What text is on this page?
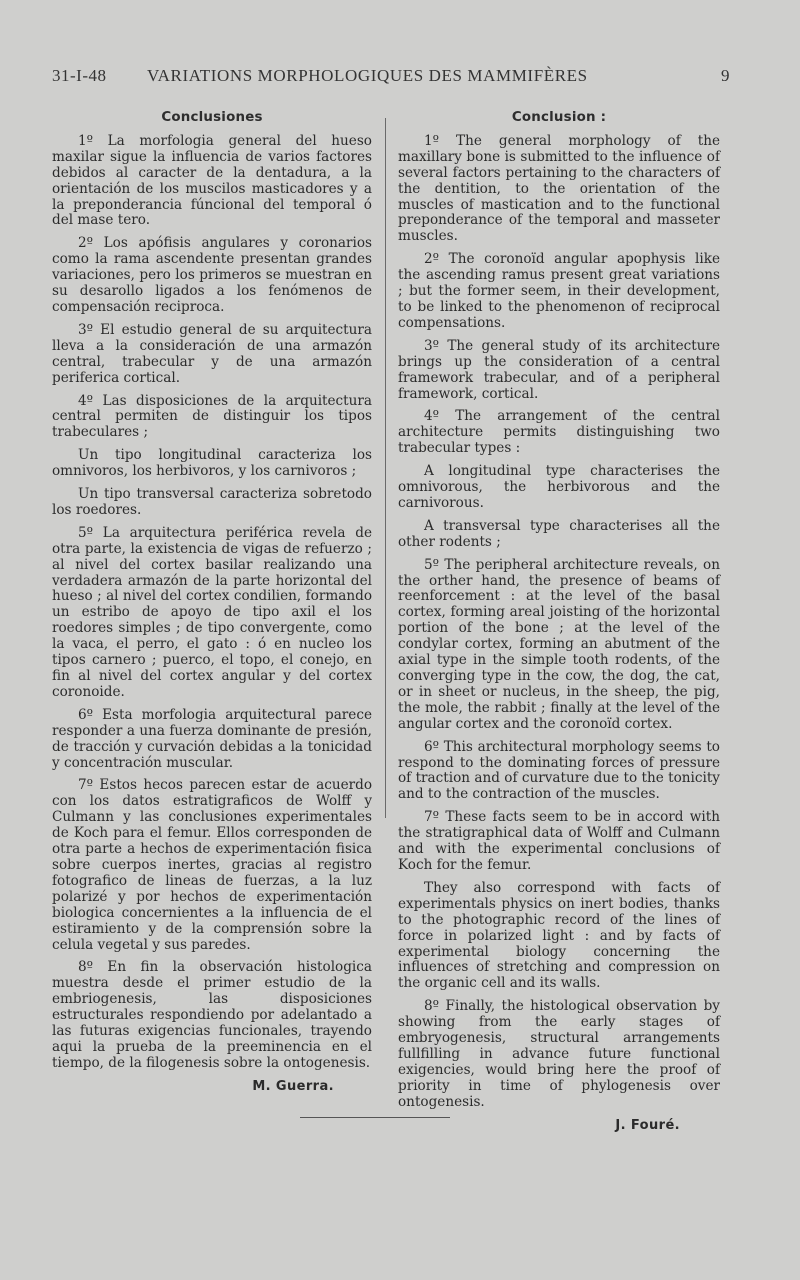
31-I-48 VARIATIONS MORPHOLOGIQUES DES MAMMIFÈRES	9
Conclusiones

1º La morfologia general del hueso maxilar sigue la influencia de varios factores debidos al caracter de la dentadura, a la orientación de los muscilos masticadores y a la preponderancia fúncional del temporal ó del mase tero.

2º Los apófisis angulares y coronarios como la rama ascendente presentan grandes variaciones, pero los primeros se muestran en su desarollo ligados a los fenómenos de compensación reciproca.

3º El estudio general de su arquitectura lleva a la consideración de una armazón central, trabecular y de una armazón periferica cortical.

4º Las disposiciones de la arquitectura central permiten de distinguir los tipos trabeculares ;

Un tipo longitudinal caracteriza los omnivoros, los herbivoros, y los carnivoros ;

Un tipo transversal caracteriza sobretodo los roedores.

5º La arquitectura periférica revela de otra parte, la existencia de vigas de refuerzo ; al nivel del cortex basilar realizando una verdadera armazón de la parte horizontal del hueso ; al nivel del cortex condilien, formando un estribo de apoyo de tipo axil el los roedores simples ; de tipo convergente, como la vaca, el perro, el gato : ó en nucleo los tipos carnero ; puerco, el topo, el conejo, en fin al nivel del cortex angular y del cortex coronoide.

6º Esta morfologia arquitectural parece responder a una fuerza dominante de presión, de tracción y curvación debidas a la tonicidad y concentración muscular.

7º Estos hecos parecen estar de acuerdo con los datos estratigraficos de Wolff y Culmann y las conclusiones experimentales de Koch para el femur. Ellos corresponden de otra parte a hechos de experimentación fisica sobre cuerpos inertes, gracias al registro fotografico de lineas de fuerzas, a la luz polarizé y por hechos de experimentación biologica concernientes a la influencia de el estiramiento y de la comprensión sobre la celula vegetal y sus paredes.

8º En fin la observación histologica muestra desde el primer estudio de la embriogenesis, las disposiciones estructurales respondiendo por adelantado a las futuras exigencias funcionales, trayendo aqui la prueba de la preeminencia en el tiempo, de la filogenesis sobre la ontogenesis.

M. Guerra.
Conclusion :

1º The general morphology of the maxillary bone is submitted to the influence of several factors pertaining to the characters of the dentition, to the orientation of the muscles of mastication and to the functional preponderance of the temporal and masseter muscles.

2º The coronoïd angular apophysis like the ascending ramus present great variations ; but the former seem, in their development, to be linked to the phenomenon of reciprocal compensations.

3º The general study of its architecture brings up the consideration of a central framework trabecular, and of a peripheral framework, cortical.

4º The arrangement of the central architecture permits distinguishing two trabecular types :

A longitudinal type characterises the omnivorous, the herbivorous and the carnivorous.

A transversal type characterises all the other rodents ;

5º The peripheral architecture reveals, on the orther hand, the presence of beams of reenforcement : at the level of the basal cortex, forming areal joisting of the horizontal portion of the bone ; at the level of the condylar cortex, forming an abutment of the axial type in the simple tooth rodents, of the converging type in the cow, the dog, the cat, or in sheet or nucleus, in the sheep, the pig, the mole, the rabbit ; finally at the level of the angular cortex and the coronoïd cortex.

6º This architectural morphology seems to respond to the dominating forces of pressure of traction and of curvature due to the tonicity and to the contraction of the muscles.

7º These facts seem to be in accord with the stratigraphical data of Wolff and Culmann and with the experimental conclusions of Koch for the femur.

They also correspond with facts of experimentals physics on inert bodies, thanks to the photographic record of the lines of force in polarized light : and by facts of experimental biology concerning the influences of stretching and compression on the organic cell and its walls.

8º Finally, the histological observation by showing from the early stages of embryogenesis, structural arrangements fullfilling in advance future functional exigencies, would bring here the proof of priority in time of phylogenesis over ontogenesis.

J. Fouré.
